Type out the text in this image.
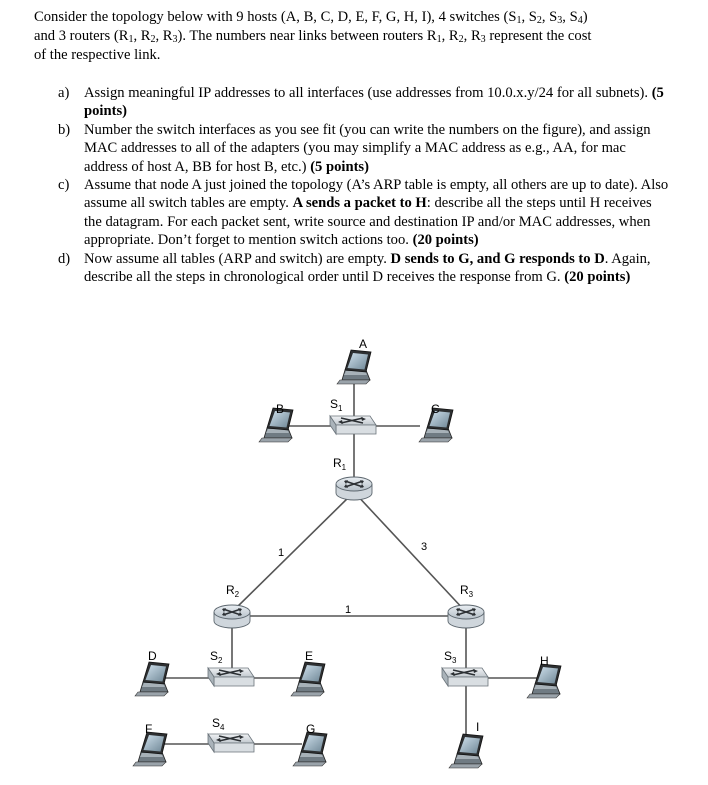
Consider the topology below with 9 hosts (A, B, C, D, E, F, G, H, I), 4 switches ($S_1$, $S_2$, $S_3$, $S_4$)
and 3 routers ($R_1$, $R_2$, $R_3$). The numbers near links between routers $R_1$, $R_2$, $R_3$ represent the cost
of the respective link.
a) Assign meaningful IP addresses to all interfaces (use addresses from 10.0.x.y/24 for all subnets). (5 points)
b) Number the switch interfaces as you see fit (you can write the numbers on the figure), and assign MAC addresses to all of the adapters (you may simplify a MAC address as e.g., AA, for mac address of host A, BB for host B, etc.) (5 points)
c) Assume that node A just joined the topology (A’s ARP table is empty, all others are up to date). Also assume all switch tables are empty. A sends a packet to H: describe all the steps until H receives the datagram. For each packet sent, write source and destination IP and/or MAC addresses, when appropriate. Don’t forget to mention switch actions too. (20 points)
d) Now assume all tables (ARP and switch) are empty. D sends to G, and G responds to D. Again, describe all the steps in chronological order until D receives the response from G. (20 points)
A
B	C
D	E
F	G
H
I
$S_1$
$S_2$	$S_3$
$S_4$
$R_1$
$R_2$	$R_3$
1	3
1
